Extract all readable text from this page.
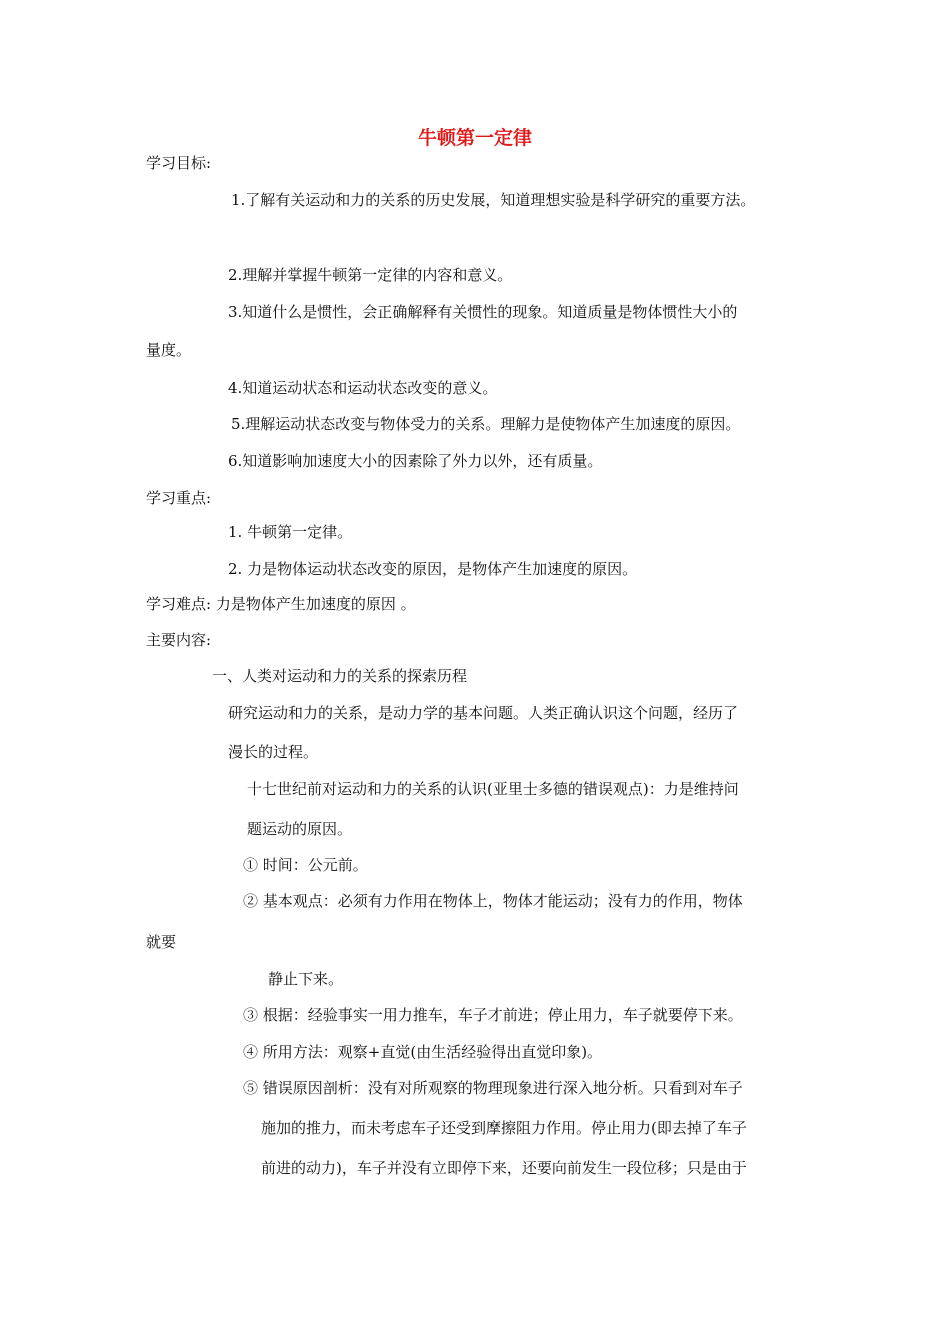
牛顿第一定律
学习目标:
1.了解有关运动和力的关系的历史发展，知道理想实验是科学研究的重要方法。
2.理解并掌握牛顿第一定律的内容和意义。
3.知道什么是惯性，会正确解释有关惯性的现象。知道质量是物体惯性大小的
量度。
4.知道运动状态和运动状态改变的意义。
5.理解运动状态改变与物体受力的关系。理解力是使物体产生加速度的原因。
6.知道影响加速度大小的因素除了外力以外，还有质量。
学习重点:
1. 牛顿第一定律。
2. 力是物体运动状态改变的原因，是物体产生加速度的原因。
学习难点: 力是物体产生加速度的原因 。
主要内容:
一、人类对运动和力的关系的探索历程
研究运动和力的关系，是动力学的基本问题。人类正确认识这个问题，经历了
漫长的过程。
十七世纪前对运动和力的关系的认识(亚里士多德的错误观点)：力是维持问
题运动的原因。
① 时间：公元前。
② 基本观点：必须有力作用在物体上，物体才能运动；没有力的作用，物体
就要
静止下来。
③ 根据：经验事实一用力推车，车子才前进；停止用力，车子就要停下来。
④ 所用方法：观察+直觉(由生活经验得出直觉印象)。
⑤ 错误原因剖析：没有对所观察的物理现象进行深入地分析。只看到对车子
施加的推力，而未考虑车子还受到摩擦阻力作用。停止用力(即去掉了车子
前进的动力)，车子并没有立即停下来，还要向前发生一段位移；只是由于
